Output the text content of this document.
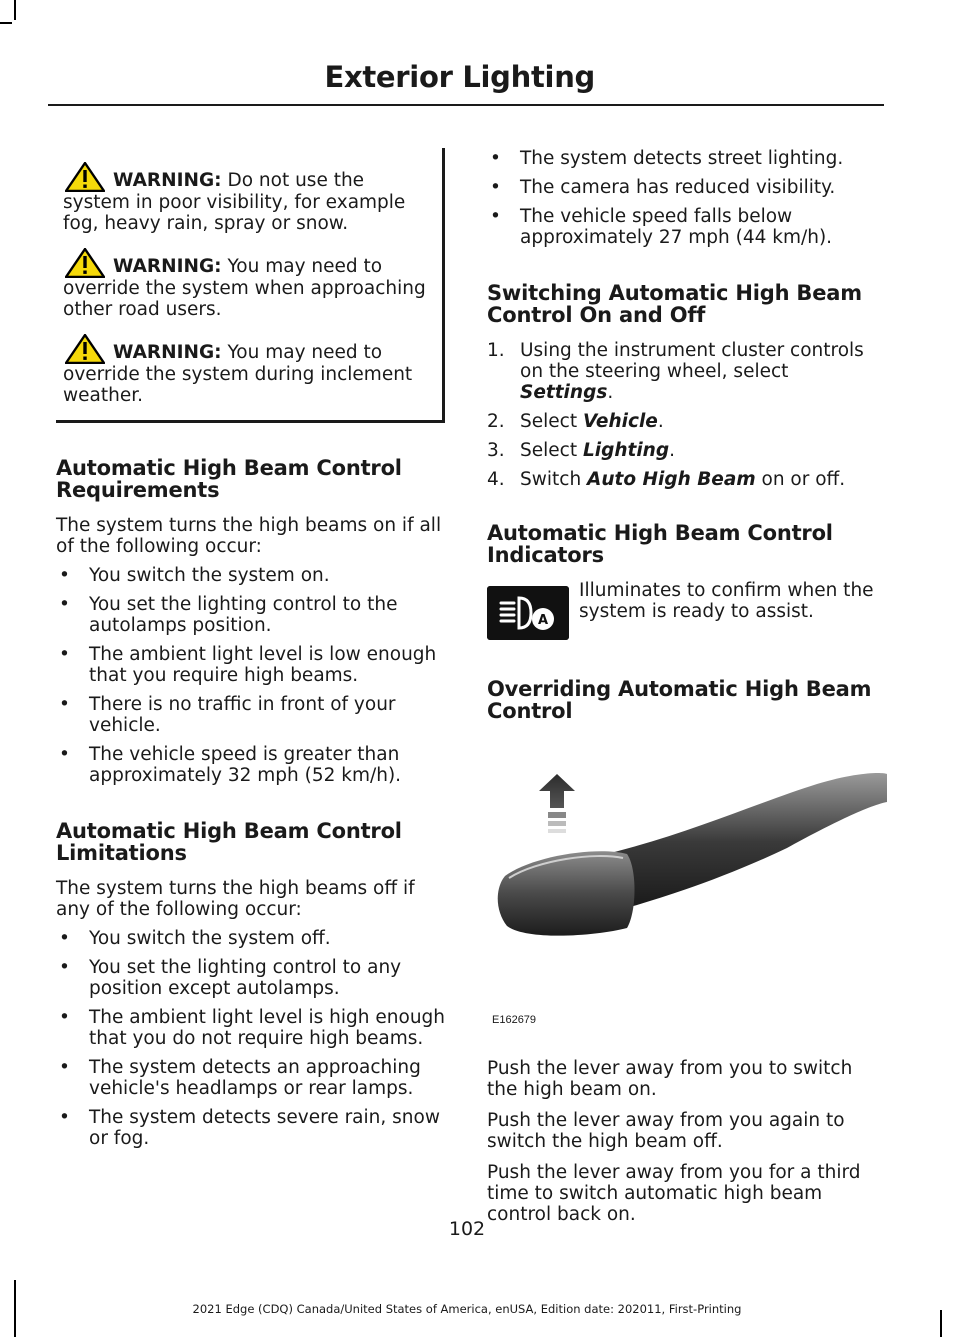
Exterior Lighting

WARNING: Do not use the system in poor visibility, for example fog, heavy rain, spray or snow.

WARNING: You may need to override the system when approaching other road users.

WARNING: You may need to override the system during inclement weather.

Automatic High Beam Control Requirements

The system turns the high beams on if all of the following occur:

• You switch the system on.
• You set the lighting control to the autolamps position.
• The ambient light level is low enough that you require high beams.
• There is no traffic in front of your vehicle.
• The vehicle speed is greater than approximately 32 mph (52 km/h).
Automatic High Beam Control Limitations

The system turns the high beams off if any of the following occur:

• You switch the system off.
• You set the lighting control to any position except autolamps.
• The ambient light level is high enough that you do not require high beams.
• The system detects an approaching vehicle's headlamps or rear lamps.
• The system detects severe rain, snow or fog.
• The system detects street lighting.
• The camera has reduced visibility.
• The vehicle speed falls below approximately 27 mph (44 km/h).
Switching Automatic High Beam Control On and Off
1. Using the instrument cluster controls on the steering wheel, select Settings.
2. Select Vehicle.
3. Select Lighting.
4. Switch Auto High Beam on or off.
Automatic High Beam Control Indicators
A
Illuminates to confirm when the system is ready to assist.
Overriding Automatic High Beam Control
E162679

Push the lever away from you to switch the high beam on.

Push the lever away from you again to switch the high beam off.

Push the lever away from you for a third time to switch automatic high beam control back on.

102
2021 Edge (CDQ) Canada/United States of America, enUSA, Edition date: 202011, First-Printing
